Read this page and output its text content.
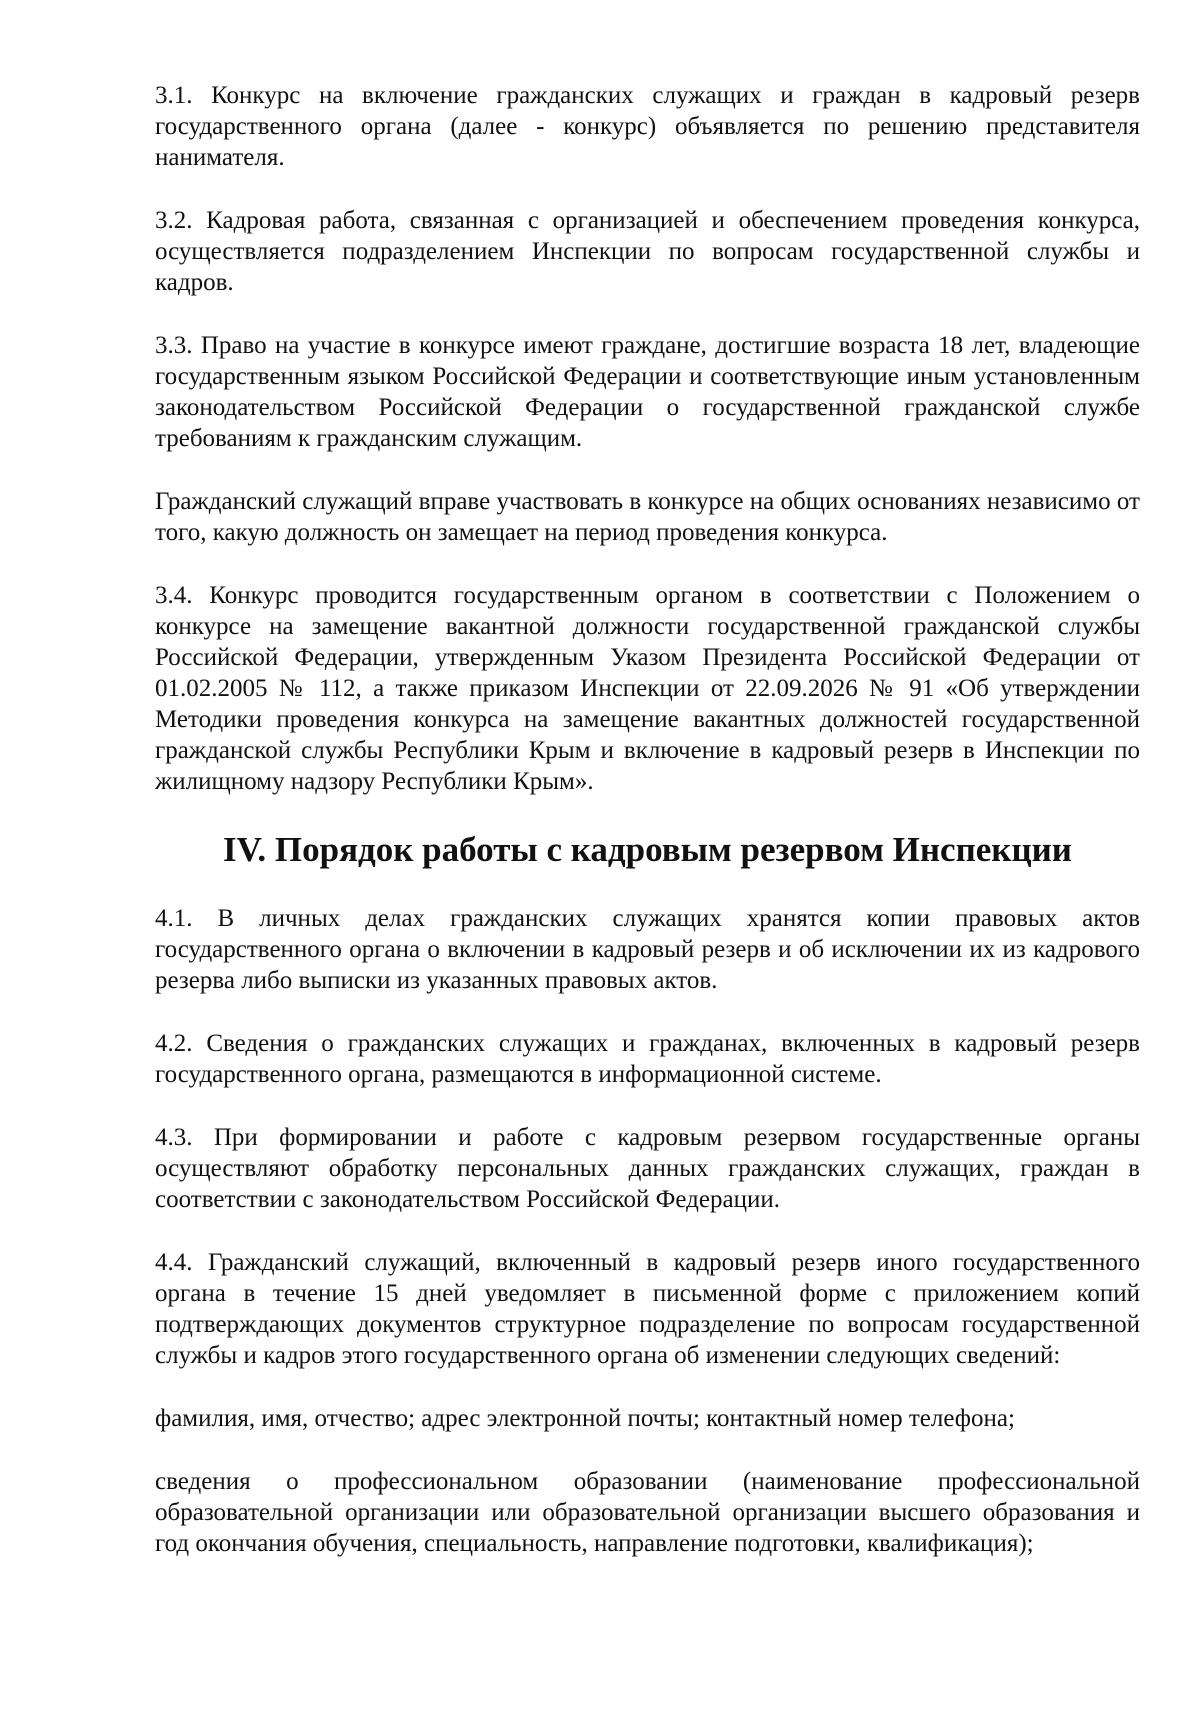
3.1. Конкурс на включение гражданских служащих и граждан в кадровый резерв государственного органа (далее - конкурс) объявляется по решению представителя нанимателя.

3.2. Кадровая работа, связанная с организацией и обеспечением проведения конкурса, осуществляется подразделением Инспекции по вопросам государственной службы и кадров.

3.3. Право на участие в конкурсе имеют граждане, достигшие возраста 18 лет, владеющие государственным языком Российской Федерации и соответствующие иным установленным законодательством Российской Федерации о государственной гражданской службе требованиям к гражданским служащим.

Гражданский служащий вправе участвовать в конкурсе на общих основаниях независимо от того, какую должность он замещает на период проведения конкурса.

3.4. Конкурс проводится государственным органом в соответствии с Положением о конкурсе на замещение вакантной должности государственной гражданской службы Российской Федерации, утвержденным Указом Президента Российской Федерации от 01.02.2005 № 112, а также приказом Инспекции от 22.09.2026 № 91 «Об утверждении Методики проведения конкурса на замещение вакантных должностей государственной гражданской службы Республики Крым и включение в кадровый резерв в Инспекции по жилищному надзору Республики Крым».

IV. Порядок работы с кадровым резервом Инспекции

4.1. В личных делах гражданских служащих хранятся копии правовых актов государственного органа о включении в кадровый резерв и об исключении их из кадрового резерва либо выписки из указанных правовых актов.

4.2. Сведения о гражданских служащих и гражданах, включенных в кадровый резерв государственного органа, размещаются в информационной системе.

4.3. При формировании и работе с кадровым резервом государственные органы осуществляют обработку персональных данных гражданских служащих, граждан в соответствии с законодательством Российской Федерации.

4.4. Гражданский служащий, включенный в кадровый резерв иного государственного органа в течение 15 дней уведомляет в письменной форме с приложением копий подтверждающих документов структурное подразделение по вопросам государственной службы и кадров этого государственного органа об изменении следующих сведений:

фамилия, имя, отчество; адрес электронной почты; контактный номер телефона;

сведения о профессиональном образовании (наименование профессиональной образовательной организации или образовательной организации высшего образования и год окончания обучения, специальность, направление подготовки, квалификация);
